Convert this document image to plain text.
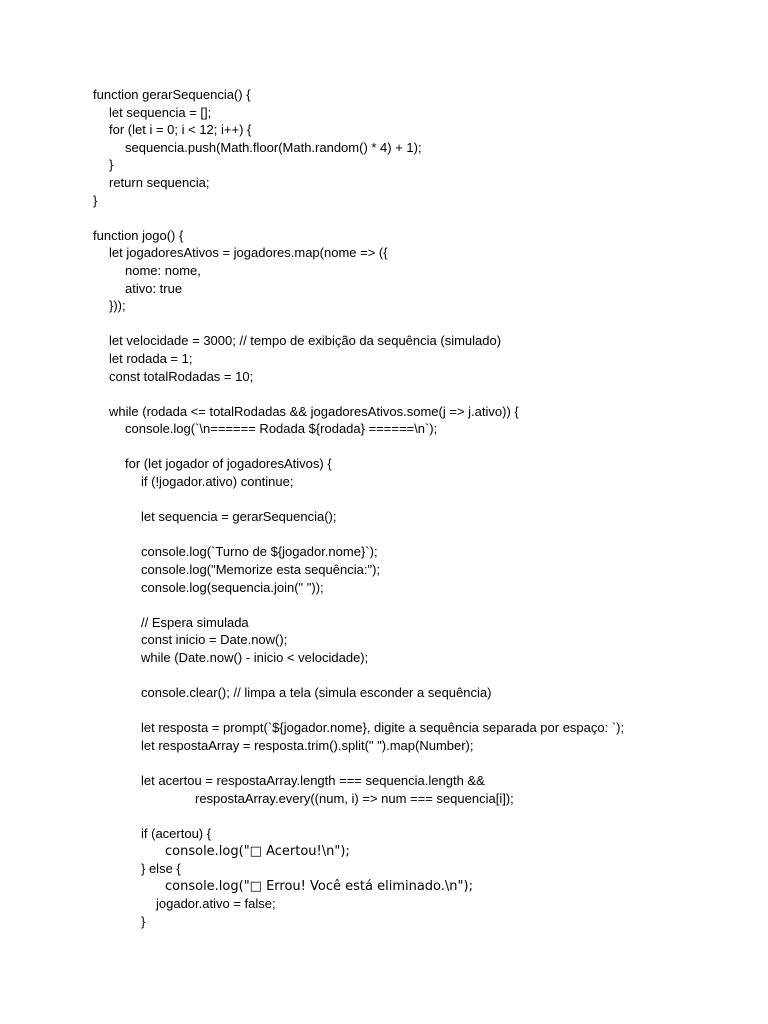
function gerarSequencia() {
let sequencia = [];
for (let i = 0; i < 12; i++) {
sequencia.push(Math.floor(Math.random() * 4) + 1);
}
return sequencia;
}
function jogo() {
let jogadoresAtivos = jogadores.map(nome => ({
nome: nome,
ativo: true
}));
let velocidade = 3000; // tempo de exibição da sequência (simulado)
let rodada = 1;
const totalRodadas = 10;
while (rodada <= totalRodadas && jogadoresAtivos.some(j => j.ativo)) {
console.log(`\n====== Rodada ${rodada} ======\n`);
for (let jogador of jogadoresAtivos) {
if (!jogador.ativo) continue;
let sequencia = gerarSequencia();
console.log(`Turno de ${jogador.nome}`);
console.log("Memorize esta sequência:");
console.log(sequencia.join(" "));
// Espera simulada
const inicio = Date.now();
while (Date.now() - inicio < velocidade);
console.clear(); // limpa a tela (simula esconder a sequência)
let resposta = prompt(`${jogador.nome}, digite a sequência separada por espaço: `);
let respostaArray = resposta.trim().split(" ").map(Number);
let acertou = respostaArray.length === sequencia.length &&
respostaArray.every((num, i) => num === sequencia[i]);
if (acertou) {
console.log("□ Acertou!\n");
} else {
console.log("□ Errou! Você está eliminado.\n");
jogador.ativo = false;
}
